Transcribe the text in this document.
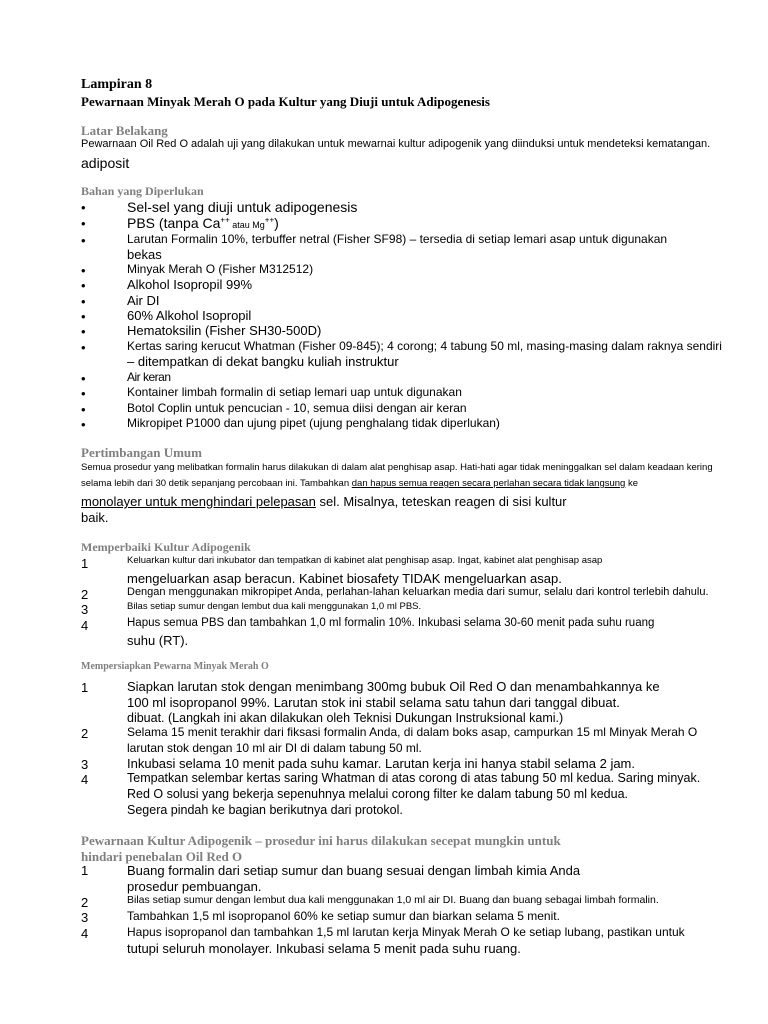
Lampiran 8
Pewarnaan Minyak Merah O pada Kultur yang Diuji untuk Adipogenesis
Latar Belakang
Pewarnaan Oil Red O adalah uji yang dilakukan untuk mewarnai kultur adipogenik yang diinduksi untuk mendeteksi kematangan.
adiposit
Bahan yang Diperlukan
•	Sel-sel yang diuji untuk adipogenesis
•	PBS (tanpa Ca++ atau Mg++)
•	Larutan Formalin 10%, terbuffer netral (Fisher SF98) – tersedia di setiap lemari asap untuk digunakan
bekas
•	Minyak Merah O (Fisher M312512)
•	Alkohol Isopropil 99%
•	Air DI
•	60% Alkohol Isopropil
•	Hematoksilin (Fisher SH30-500D)
•	Kertas saring kerucut Whatman (Fisher 09-845); 4 corong; 4 tabung 50 ml, masing-masing dalam raknya sendiri
– ditempatkan di dekat bangku kuliah instruktur
•	Air keran
•	Kontainer limbah formalin di setiap lemari uap untuk digunakan
•	Botol Coplin untuk pencucian - 10, semua diisi dengan air keran
•	Mikropipet P1000 dan ujung pipet (ujung penghalang tidak diperlukan)
Pertimbangan Umum
Semua prosedur yang melibatkan formalin harus dilakukan di dalam alat penghisap asap. Hati-hati agar tidak meninggalkan sel dalam keadaan kering
selama lebih dari 30 detik sepanjang percobaan ini. Tambahkan dan hapus semua reagen secara perlahan secara tidak langsung ke
monolayer untuk menghindari pelepasan sel. Misalnya, teteskan reagen di sisi kultur
baik.
Memperbaiki Kultur Adipogenik
1	Keluarkan kultur dari inkubator dan tempatkan di kabinet alat penghisap asap. Ingat, kabinet alat penghisap asap
mengeluarkan asap beracun. Kabinet biosafety TIDAK mengeluarkan asap.
2	Dengan menggunakan mikropipet Anda, perlahan-lahan keluarkan media dari sumur, selalu dari kontrol terlebih dahulu.
3	Bilas setiap sumur dengan lembut dua kali menggunakan 1,0 ml PBS.
4	Hapus semua PBS dan tambahkan 1,0 ml formalin 10%. Inkubasi selama 30-60 menit pada suhu ruang
suhu (RT).
Mempersiapkan Pewarna Minyak Merah O
1	Siapkan larutan stok dengan menimbang 300mg bubuk Oil Red O dan menambahkannya ke
100 ml isopropanol 99%. Larutan stok ini stabil selama satu tahun dari tanggal dibuat.
dibuat. (Langkah ini akan dilakukan oleh Teknisi Dukungan Instruksional kami.)
2	Selama 15 menit terakhir dari fiksasi formalin Anda, di dalam boks asap, campurkan 15 ml Minyak Merah O
larutan stok dengan 10 ml air DI di dalam tabung 50 ml.
3	Inkubasi selama 10 menit pada suhu kamar. Larutan kerja ini hanya stabil selama 2 jam.
4	Tempatkan selembar kertas saring Whatman di atas corong di atas tabung 50 ml kedua. Saring minyak.
Red O solusi yang bekerja sepenuhnya melalui corong filter ke dalam tabung 50 ml kedua.
Segera pindah ke bagian berikutnya dari protokol.
Pewarnaan Kultur Adipogenik – prosedur ini harus dilakukan secepat mungkin untuk
hindari penebalan Oil Red O
1	Buang formalin dari setiap sumur dan buang sesuai dengan limbah kimia Anda
prosedur pembuangan.
2	Bilas setiap sumur dengan lembut dua kali menggunakan 1,0 ml air DI. Buang dan buang sebagai limbah formalin.
3	Tambahkan 1,5 ml isopropanol 60% ke setiap sumur dan biarkan selama 5 menit.
4	Hapus isopropanol dan tambahkan 1,5 ml larutan kerja Minyak Merah O ke setiap lubang, pastikan untuk
tutupi seluruh monolayer. Inkubasi selama 5 menit pada suhu ruang.
